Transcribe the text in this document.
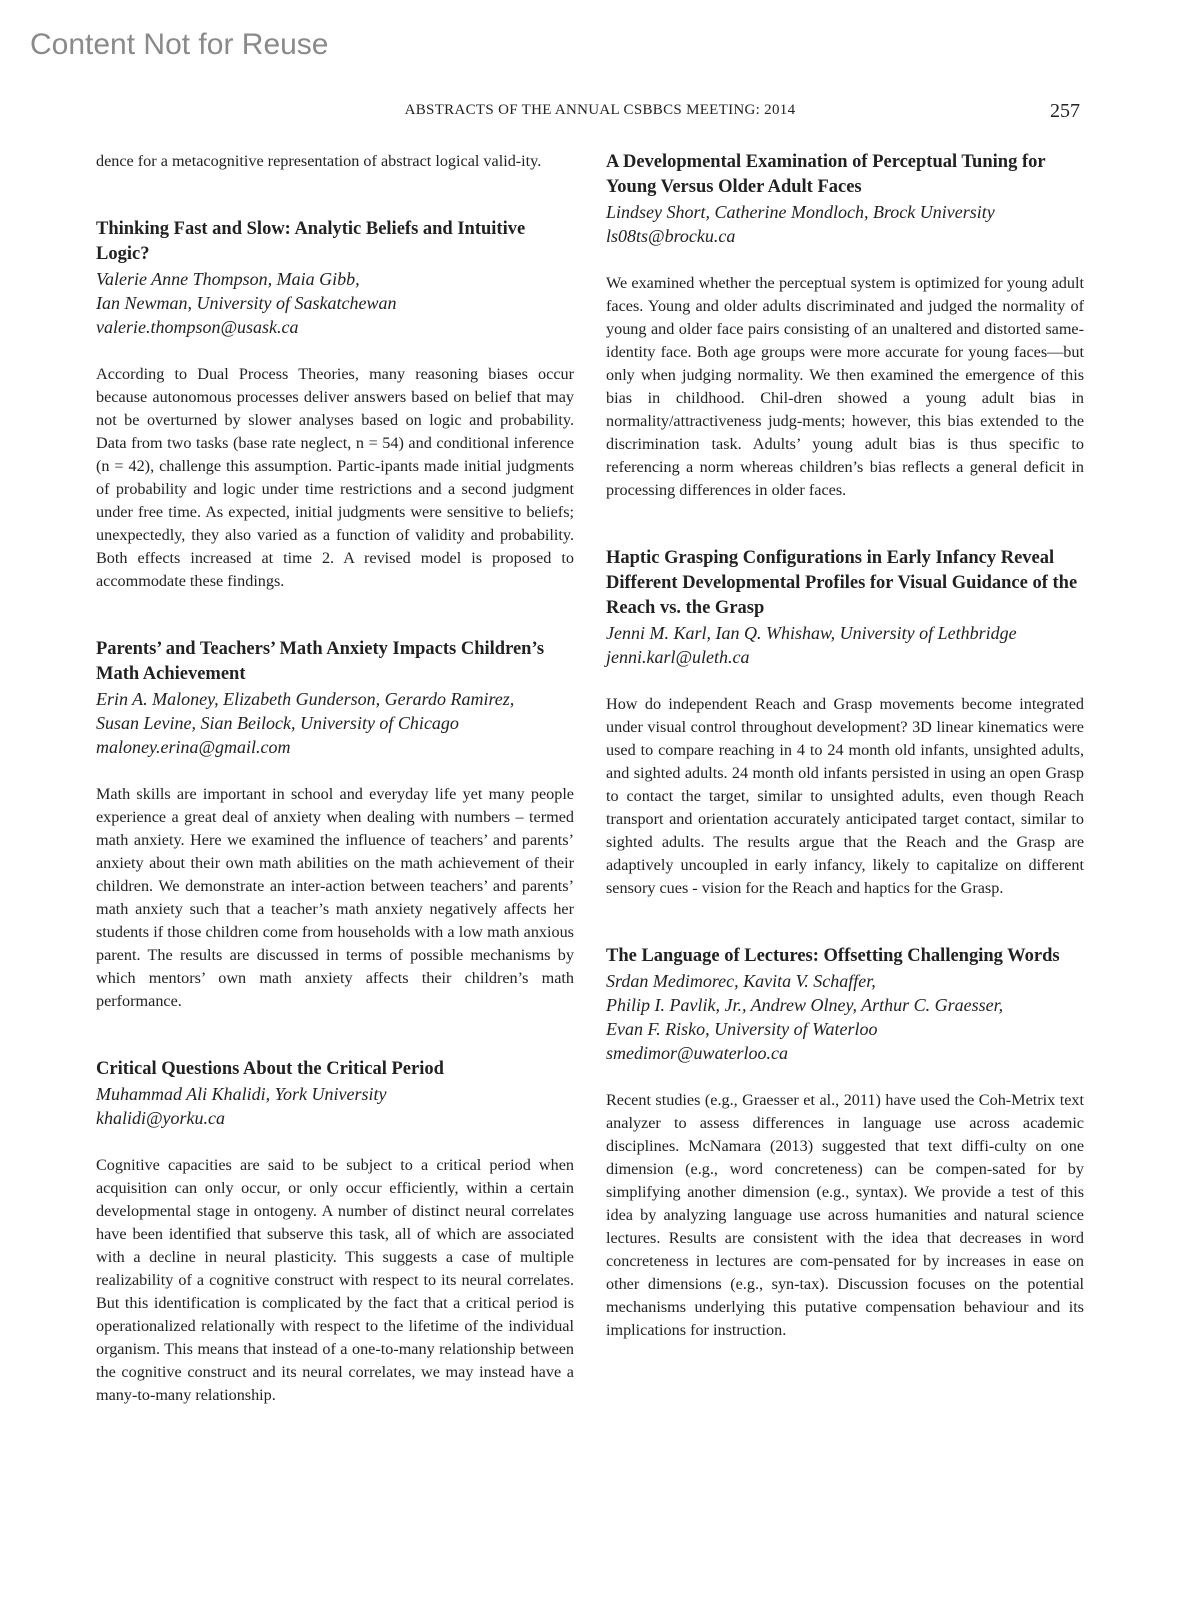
Content Not for Reuse
ABSTRACTS OF THE ANNUAL CSBBCS MEETING: 2014	257

dence for a metacognitive representation of abstract logical valid-ity.

Thinking Fast and Slow: Analytic Beliefs and Intuitive Logic?
Valerie Anne Thompson, Maia Gibb,
Ian Newman, University of Saskatchewan
valerie.thompson@usask.ca

According to Dual Process Theories, many reasoning biases occur because autonomous processes deliver answers based on belief that may not be overturned by slower analyses based on logic and probability. Data from two tasks (base rate neglect, n = 54) and conditional inference (n = 42), challenge this assumption. Partic-ipants made initial judgments of probability and logic under time restrictions and a second judgment under free time. As expected, initial judgments were sensitive to beliefs; unexpectedly, they also varied as a function of validity and probability. Both effects increased at time 2. A revised model is proposed to accommodate these findings.

Parents’ and Teachers’ Math Anxiety Impacts Children’s Math Achievement
Erin A. Maloney, Elizabeth Gunderson, Gerardo Ramirez,
Susan Levine, Sian Beilock, University of Chicago
maloney.erina@gmail.com

Math skills are important in school and everyday life yet many people experience a great deal of anxiety when dealing with numbers – termed math anxiety. Here we examined the influence of teachers’ and parents’ anxiety about their own math abilities on the math achievement of their children. We demonstrate an inter-action between teachers’ and parents’ math anxiety such that a teacher’s math anxiety negatively affects her students if those children come from households with a low math anxious parent. The results are discussed in terms of possible mechanisms by which mentors’ own math anxiety affects their children’s math performance.

Critical Questions About the Critical Period
Muhammad Ali Khalidi, York University
khalidi@yorku.ca

Cognitive capacities are said to be subject to a critical period when acquisition can only occur, or only occur efficiently, within a certain developmental stage in ontogeny. A number of distinct neural correlates have been identified that subserve this task, all of which are associated with a decline in neural plasticity. This suggests a case of multiple realizability of a cognitive construct with respect to its neural correlates. But this identification is complicated by the fact that a critical period is operationalized relationally with respect to the lifetime of the individual organism. This means that instead of a one-to-many relationship between the cognitive construct and its neural correlates, we may instead have a many-to-many relationship.

A Developmental Examination of Perceptual Tuning for Young Versus Older Adult Faces
Lindsey Short, Catherine Mondloch, Brock University
ls08ts@brocku.ca

We examined whether the perceptual system is optimized for young adult faces. Young and older adults discriminated and judged the normality of young and older face pairs consisting of an unaltered and distorted same-identity face. Both age groups were more accurate for young faces—but only when judging normality. We then examined the emergence of this bias in childhood. Chil-dren showed a young adult bias in normality/attractiveness judg-ments; however, this bias extended to the discrimination task. Adults’ young adult bias is thus specific to referencing a norm whereas children’s bias reflects a general deficit in processing differences in older faces.

Haptic Grasping Configurations in Early Infancy Reveal Different Developmental Profiles for Visual Guidance of the Reach vs. the Grasp
Jenni M. Karl, Ian Q. Whishaw, University of Lethbridge
jenni.karl@uleth.ca

How do independent Reach and Grasp movements become integrated under visual control throughout development? 3D linear kinematics were used to compare reaching in 4 to 24 month old infants, unsighted adults, and sighted adults. 24 month old infants persisted in using an open Grasp to contact the target, similar to unsighted adults, even though Reach transport and orientation accurately anticipated target contact, similar to sighted adults. The results argue that the Reach and the Grasp are adaptively uncoupled in early infancy, likely to capitalize on different sensory cues - vision for the Reach and haptics for the Grasp.

The Language of Lectures: Offsetting Challenging Words
Srdan Medimorec, Kavita V. Schaffer,
Philip I. Pavlik, Jr., Andrew Olney, Arthur C. Graesser,
Evan F. Risko, University of Waterloo
smedimor@uwaterloo.ca

Recent studies (e.g., Graesser et al., 2011) have used the Coh-Metrix text analyzer to assess differences in language use across academic disciplines. McNamara (2013) suggested that text diffi-culty on one dimension (e.g., word concreteness) can be compen-sated for by simplifying another dimension (e.g., syntax). We provide a test of this idea by analyzing language use across humanities and natural science lectures. Results are consistent with the idea that decreases in word concreteness in lectures are com-pensated for by increases in ease on other dimensions (e.g., syn-tax). Discussion focuses on the potential mechanisms underlying this putative compensation behaviour and its implications for instruction.
